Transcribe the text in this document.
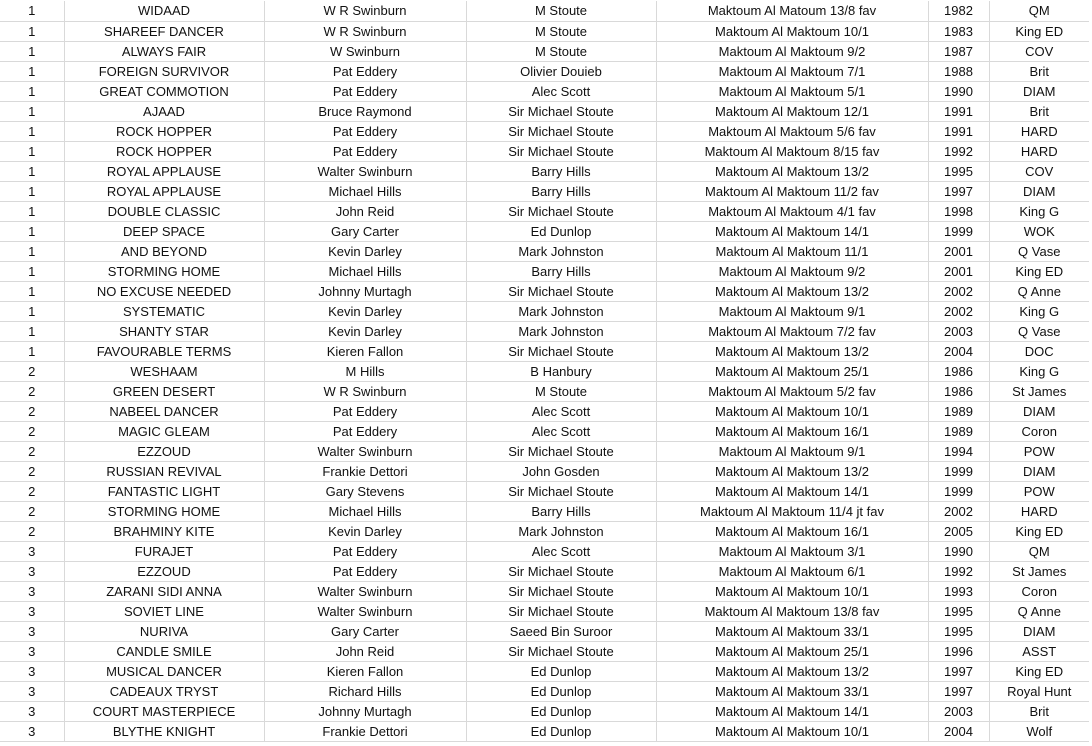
1	WIDAAD	W R Swinburn	M Stoute	Maktoum Al Matoum 13/8 fav	1982	QM
1	SHAREEF DANCER	W R Swinburn	M Stoute	Maktoum Al Maktoum 10/1	1983	King ED
1	ALWAYS FAIR	W Swinburn	M Stoute	Maktoum Al Maktoum 9/2	1987	COV
1	FOREIGN SURVIVOR	Pat Eddery	Olivier Douieb	Maktoum Al Maktoum 7/1	1988	Brit
1	GREAT COMMOTION	Pat Eddery	Alec Scott	Maktoum Al Maktoum 5/1	1990	DIAM
1	AJAAD	Bruce Raymond	Sir Michael Stoute	Maktoum Al Maktoum 12/1	1991	Brit
1	ROCK HOPPER	Pat Eddery	Sir Michael Stoute	Maktoum Al Maktoum 5/6 fav	1991	HARD
1	ROCK HOPPER	Pat Eddery	Sir Michael Stoute	Maktoum Al Maktoum 8/15 fav	1992	HARD
1	ROYAL APPLAUSE	Walter Swinburn	Barry Hills	Maktoum Al Maktoum 13/2	1995	COV
1	ROYAL APPLAUSE	Michael Hills	Barry Hills	Maktoum Al Maktoum 11/2 fav	1997	DIAM
1	DOUBLE CLASSIC	John Reid	Sir Michael Stoute	Maktoum Al Maktoum 4/1 fav	1998	King G
1	DEEP SPACE	Gary Carter	Ed Dunlop	Maktoum Al Maktoum 14/1	1999	WOK
1	AND BEYOND	Kevin Darley	Mark Johnston	Maktoum Al Maktoum 11/1	2001	Q Vase
1	STORMING HOME	Michael Hills	Barry Hills	Maktoum Al Maktoum 9/2	2001	King ED
1	NO EXCUSE NEEDED	Johnny Murtagh	Sir Michael Stoute	Maktoum Al Maktoum 13/2	2002	Q Anne
1	SYSTEMATIC	Kevin Darley	Mark Johnston	Maktoum Al Maktoum 9/1	2002	King G
1	SHANTY STAR	Kevin Darley	Mark Johnston	Maktoum Al Maktoum 7/2 fav	2003	Q Vase
1	FAVOURABLE TERMS	Kieren Fallon	Sir Michael Stoute	Maktoum Al Maktoum 13/2	2004	DOC
2	WESHAAM	M Hills	B Hanbury	Maktoum Al Maktoum 25/1	1986	King G
2	GREEN DESERT	W R Swinburn	M Stoute	Maktoum Al Maktoum 5/2 fav	1986	St James
2	NABEEL DANCER	Pat Eddery	Alec Scott	Maktoum Al Maktoum 10/1	1989	DIAM
2	MAGIC GLEAM	Pat Eddery	Alec Scott	Maktoum Al Maktoum 16/1	1989	Coron
2	EZZOUD	Walter Swinburn	Sir Michael Stoute	Maktoum Al Maktoum 9/1	1994	POW
2	RUSSIAN REVIVAL	Frankie Dettori	John Gosden	Maktoum Al Maktoum 13/2	1999	DIAM
2	FANTASTIC LIGHT	Gary Stevens	Sir Michael Stoute	Maktoum Al Maktoum 14/1	1999	POW
2	STORMING HOME	Michael Hills	Barry Hills	Maktoum Al Maktoum 11/4 jt fav	2002	HARD
2	BRAHMINY KITE	Kevin Darley	Mark Johnston	Maktoum Al Maktoum 16/1	2005	King ED
3	FURAJET	Pat Eddery	Alec Scott	Maktoum Al Maktoum 3/1	1990	QM
3	EZZOUD	Pat Eddery	Sir Michael Stoute	Maktoum Al Maktoum 6/1	1992	St James
3	ZARANI SIDI ANNA	Walter Swinburn	Sir Michael Stoute	Maktoum Al Maktoum 10/1	1993	Coron
3	SOVIET LINE	Walter Swinburn	Sir Michael Stoute	Maktoum Al Maktoum 13/8 fav	1995	Q Anne
3	NURIVA	Gary Carter	Saeed Bin Suroor	Maktoum Al Maktoum 33/1	1995	DIAM
3	CANDLE SMILE	John Reid	Sir Michael Stoute	Maktoum Al Maktoum 25/1	1996	ASST
3	MUSICAL DANCER	Kieren Fallon	Ed Dunlop	Maktoum Al Maktoum 13/2	1997	King ED
3	CADEAUX TRYST	Richard Hills	Ed Dunlop	Maktoum Al Maktoum 33/1	1997	Royal Hunt
3	COURT MASTERPIECE	Johnny Murtagh	Ed Dunlop	Maktoum Al Maktoum 14/1	2003	Brit
3	BLYTHE KNIGHT	Frankie Dettori	Ed Dunlop	Maktoum Al Maktoum 10/1	2004	Wolf
